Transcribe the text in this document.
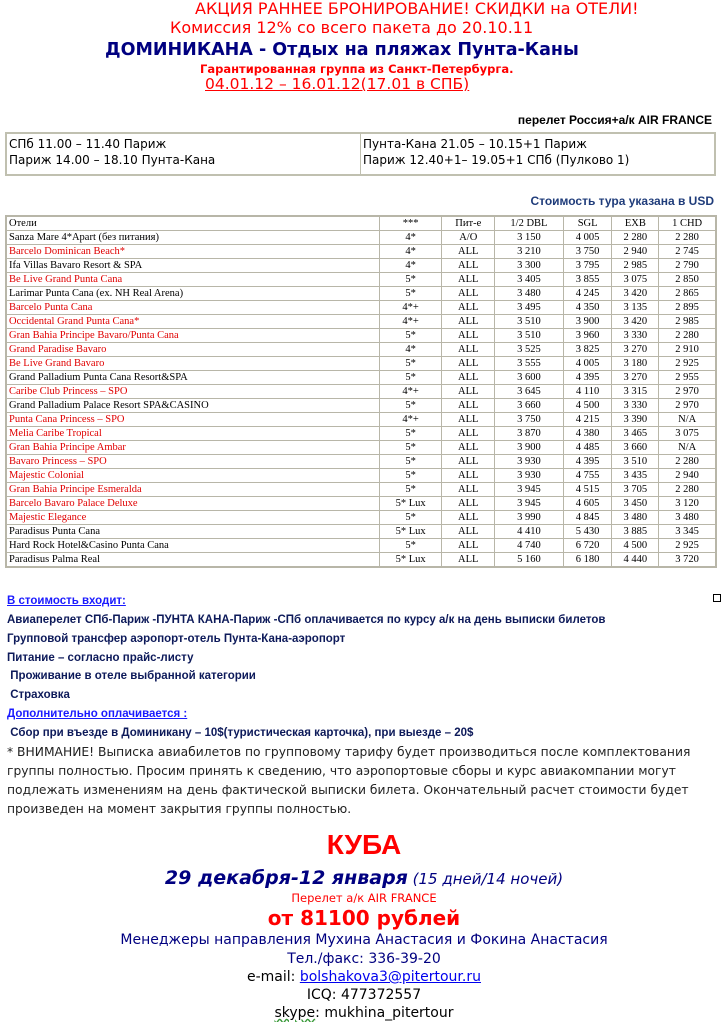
АКЦИЯ РАННЕЕ БРОНИРОВАНИЕ! СКИДКИ на ОТЕЛИ!
Комиссия 12% со всего пакета до 20.10.11
ДОМИНИКАНА - Отдых на пляжах Пунта-Каны
Гарантированная группа из Санкт-Петербурга.
04.01.12 – 16.01.12(17.01 в СПБ)
перелет Россия+а/к AIR FRANCE
СПб 11.00 – 11.40 Париж
Париж 14.00 – 18.10 Пунта-Кана

Пунта-Кана 21.05 – 10.15+1 Париж
Париж 12.40+1– 19.05+1 СПб (Пулково 1)
Стоимость тура указана в USD
Отели	***	Пит-е	1/2 DBL	SGL	EXB	1 CHD
Sanza Mare 4*Apart (без питания)	4*	A/O	3 150	4 005	2 280	2 280
Barcelo Dominican Beach*	4*	ALL	3 210	3 750	2 940	2 745
Ifa Villas Bavaro Resort & SPA	4*	ALL	3 300	3 795	2 985	2 790
Be Live Grand Punta Cana	5*	ALL	3 405	3 855	3 075	2 850
Larimar Punta Cana (ex. NH Real Arena)	5*	ALL	3 480	4 245	3 420	2 865
Barcelo Punta Cana	4*+	ALL	3 495	4 350	3 135	2 895
Occidental Grand Punta Cana*	4*+	ALL	3 510	3 900	3 420	2 985
Gran Bahia Principe Bavaro/Punta Cana	5*	ALL	3 510	3 960	3 330	2 280
Grand Paradise Bavaro	4*	ALL	3 525	3 825	3 270	2 910
Be Live Grand Bavaro	5*	ALL	3 555	4 005	3 180	2 925
Grand Palladium Punta Cana Resort&SPA	5*	ALL	3 600	4 395	3 270	2 955
Caribe Club Princess – SPO	4*+	ALL	3 645	4 110	3 315	2 970
Grand Palladium Palace Resort SPA&CASINO	5*	ALL	3 660	4 500	3 330	2 970
Punta Cana Princess – SPO	4*+	ALL	3 750	4 215	3 390	N/A
Melia Caribe Tropical	5*	ALL	3 870	4 380	3 465	3 075
Gran Bahia Principe Ambar	5*	ALL	3 900	4 485	3 660	N/A
Bavaro Princess – SPO	5*	ALL	3 930	4 395	3 510	2 280
Majestic Colonial	5*	ALL	3 930	4 755	3 435	2 940
Gran Bahia Principe Esmeralda	5*	ALL	3 945	4 515	3 705	2 280
Barcelo Bavaro Palace Deluxe	5* Lux	ALL	3 945	4 605	3 450	3 120
Majestic Elegance	5*	ALL	3 990	4 845	3 480	3 480
Paradisus Punta Cana	5* Lux	ALL	4 410	5 430	3 885	3 345
Hard Rock Hotel&Casino Punta Cana	5*	ALL	4 740	6 720	4 500	2 925
Paradisus Palma Real	5* Lux	ALL	5 160	6 180	4 440	3 720
В стоимость входит:
Авиаперелет СПб-Париж -ПУНТА КАНА-Париж -СПб оплачивается по курсу а/к на день выписки билетов
Групповой трансфер аэропорт-отель Пунта-Кана-аэропорт
Питание – согласно прайс-листу
Проживание в отеле выбранной категории
Страховка
Дополнительно оплачивается :
Сбор при въезде в Доминикану – 10$(туристическая карточка), при выезде – 20$
* ВНИМАНИЕ! Выписка авиабилетов по групповому тарифу будет производиться после комплектования группы полностью. Просим принять к сведению, что аэропортовые сборы и курс авиакомпании могут подлежать изменениям на день фактической выписки билета. Окончательный расчет стоимости будет произведен на момент закрытия группы полностью.
КУБА
29 декабря-12 января (15 дней/14 ночей)
Перелет а/к AIR FRANCE
от 81100 рублей
Менеджеры направления Мухина Анастасия и Фокина Анастасия
Тел./факс: 336-39-20
e-mail: bolshakova3@pitertour.ru
ICQ: 477372557
skype: mukhina_pitertour
